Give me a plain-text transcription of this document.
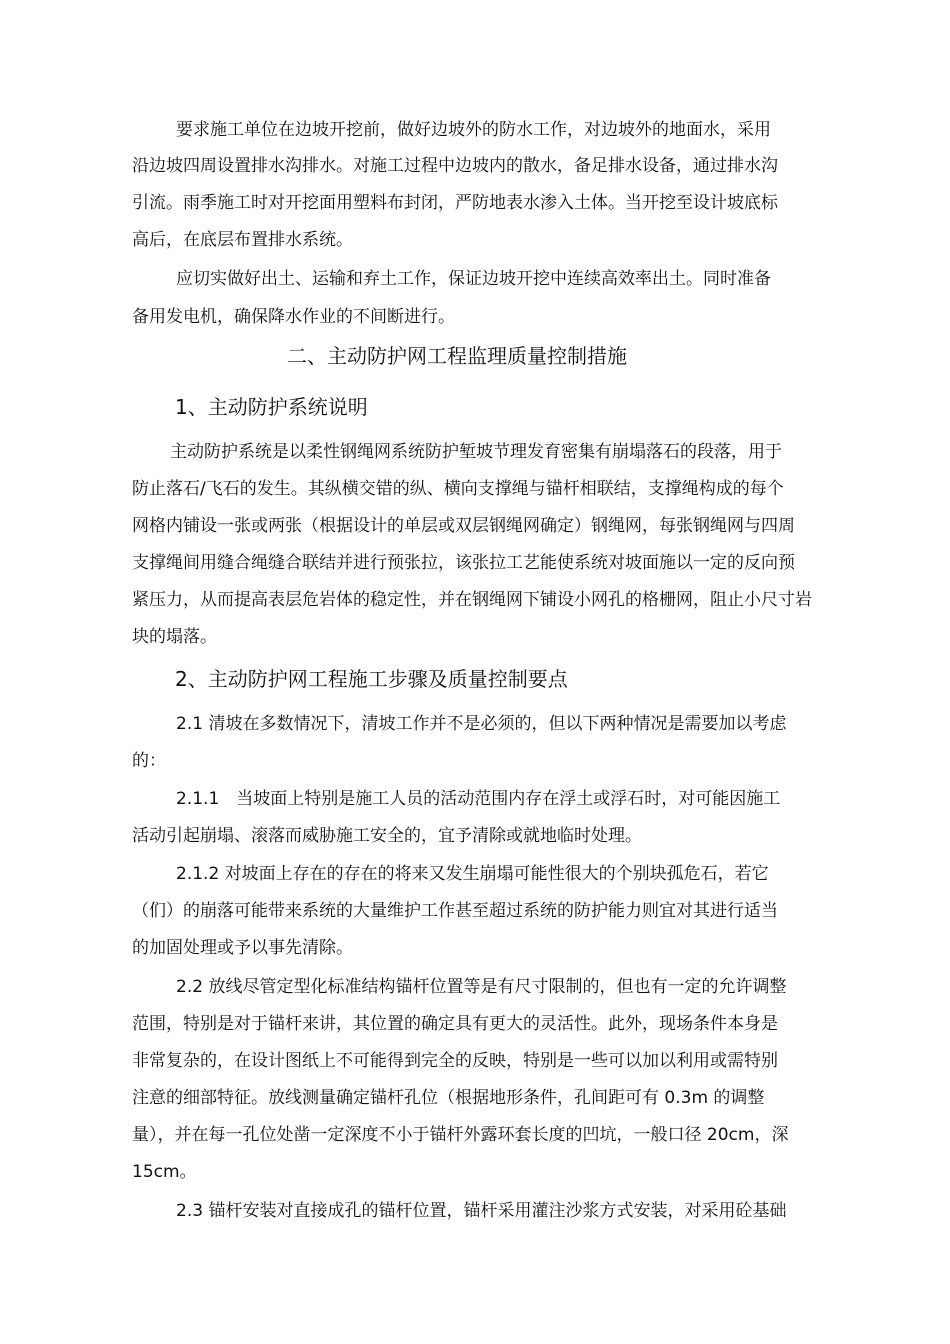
要求施工单位在边坡开挖前，做好边坡外的防水工作，对边坡外的地面水，采用
沿边坡四周设置排水沟排水。对施工过程中边坡内的散水，备足排水设备，通过排水沟
引流。雨季施工时对开挖面用塑料布封闭，严防地表水渗入土体。当开挖至设计坡底标
高后，在底层布置排水系统。
应切实做好出土、运输和弃土工作，保证边坡开挖中连续高效率出土。同时准备
备用发电机，确保降水作业的不间断进行。
二、主动防护网工程监理质量控制措施
1、主动防护系统说明
主动防护系统是以柔性钢绳网系统防护堑坡节理发育密集有崩塌落石的段落，用于
防止落石/飞石的发生。其纵横交错的纵、横向支撑绳与锚杆相联结，支撑绳构成的每个
网格内铺设一张或两张（根据设计的单层或双层钢绳网确定）钢绳网，每张钢绳网与四周
支撑绳间用缝合绳缝合联结并进行预张拉，该张拉工艺能使系统对坡面施以一定的反向预
紧压力，从而提高表层危岩体的稳定性，并在钢绳网下铺设小网孔的格栅网，阻止小尺寸岩
块的塌落。
2、主动防护网工程施工步骤及质量控制要点
2.1 清坡在多数情况下，清坡工作并不是必须的，但以下两种情况是需要加以考虑
的：
2.1.1　当坡面上特别是施工人员的活动范围内存在浮土或浮石时，对可能因施工
活动引起崩塌、滚落而威胁施工安全的，宜予清除或就地临时处理。
2.1.2 对坡面上存在的存在的将来又发生崩塌可能性很大的个别块孤危石，若它
（们）的崩落可能带来系统的大量维护工作甚至超过系统的防护能力则宜对其进行适当
的加固处理或予以事先清除。
2.2 放线尽管定型化标准结构锚杆位置等是有尺寸限制的，但也有一定的允许调整
范围，特别是对于锚杆来讲，其位置的确定具有更大的灵活性。此外，现场条件本身是
非常复杂的，在设计图纸上不可能得到完全的反映，特别是一些可以加以利用或需特别
注意的细部特征。放线测量确定锚杆孔位（根据地形条件，孔间距可有 0.3m 的调整
量），并在每一孔位处凿一定深度不小于锚杆外露环套长度的凹坑，一般口径 20cm，深
15cm。
2.3 锚杆安装对直接成孔的锚杆位置，锚杆采用灌注沙浆方式安装，对采用砼基础
